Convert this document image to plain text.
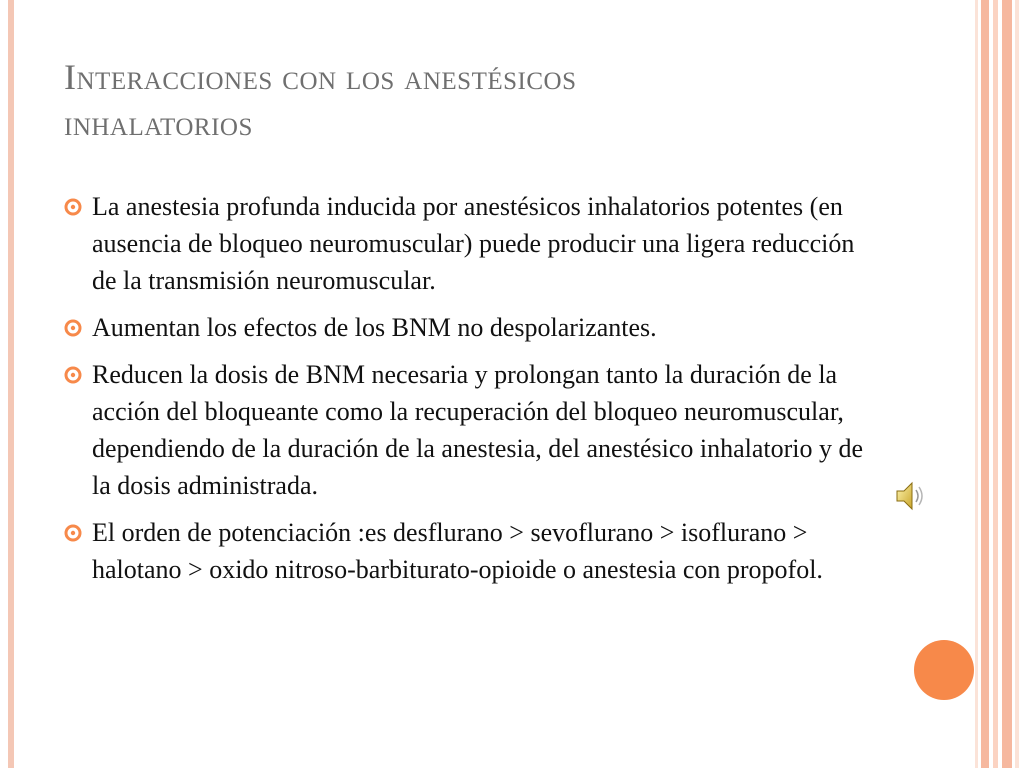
Interacciones con los anestésicos
inhalatorios
La anestesia profunda inducida por anestésicos inhalatorios potentes (en ausencia de bloqueo neuromuscular) puede producir una ligera reducción de la transmisión neuromuscular.
Aumentan los efectos de los BNM no despolarizantes.
Reducen la dosis de BNM necesaria y prolongan tanto la duración de la acción del bloqueante como la recuperación del bloqueo neuromuscular, dependiendo de la duración de la anestesia, del anestésico inhalatorio y de la dosis administrada.
El orden de potenciación :es desflurano > sevoflurano > isoflurano > halotano > oxido nitroso-barbiturato-opioide o anestesia con propofol.
